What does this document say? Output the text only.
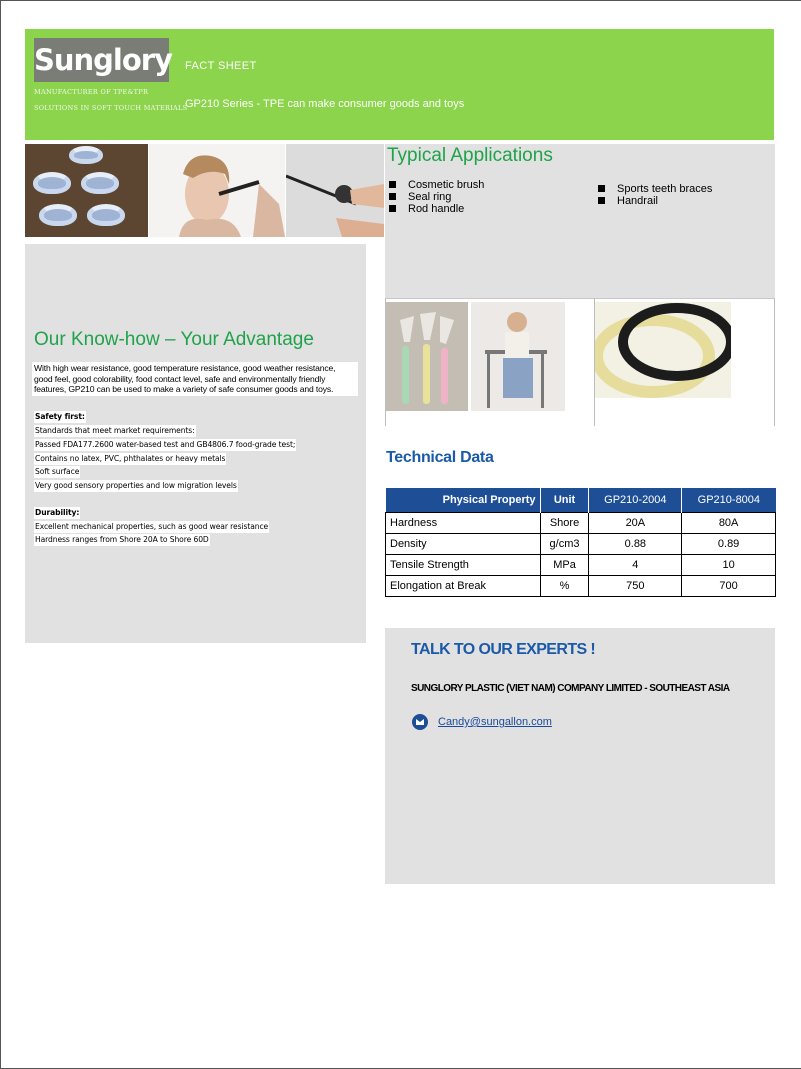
Sunglory
MANUFACTURER OF TPE&TPR
SOLUTIONS IN SOFT TOUCH MATERIALS
FACT SHEET
GP210 Series - TPE can make consumer goods and toys
Our Know-how – Your Advantage
With high wear resistance, good temperature resistance, good weather resistance, good feel, good colorability, food contact level, safe and environmentally friendly features, GP210 can be used to make a variety of safe consumer goods and toys.
Safety first:
Standards that meet market requirements:
Passed FDA177.2600 water-based test and GB4806.7 food-grade test;
Contains no latex, PVC, phthalates or heavy metals
Soft surface
Very good sensory properties and low migration levels
Durability:
Excellent mechanical properties, such as good wear resistance
Hardness ranges from Shore 20A to Shore 60D
Typical Applications
Cosmetic brush
Seal ring
Rod handle
Sports teeth braces
Handrail
Technical Data
Physical Property	Unit	GP210-2004	GP210-8004
Hardness	Shore	20A	80A
Density	g/cm3	0.88	0.89
Tensile Strength	MPa	4	10
Elongation at Break	%	750	700
TALK TO OUR EXPERTS !
SUNGLORY PLASTIC (VIET NAM) COMPANY LIMITED - SOUTHEAST ASIA
Candy@sungallon.com
